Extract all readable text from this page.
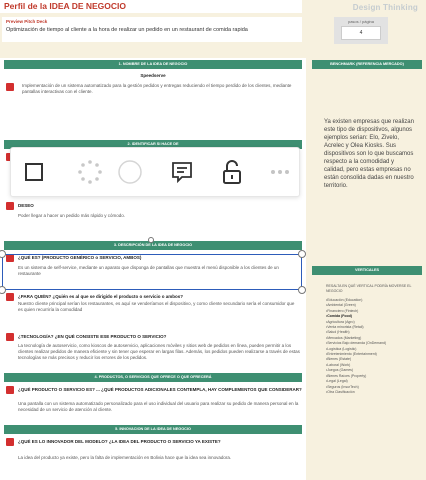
Perfil de la IDEA DE NEGOCIO	Design Thinking
Preview Pitch Deck
Optimización de tiempo al cliente a la hora de realizar un pedido en un restaurant de comida rapida
pasos / página
4
1. NOMBRE DE LA IDEA DE NEGOCIO
Speedserve
Implementación de un sistema automatizado para la gestión pedidos y entregas reduciendo el tiempo perdido de los clientes, mediante pantallas interactivas con el cliente.
2. IDENTIFICAR SI HACE DE
DESEO
Poder llegar a hacer un pedido más rápido y cómodo.
3. DESCRIPCIÓN DE LA IDEA DE NEGOCIO
¿QUÉ ES? (PRODUCTO GENÉRICO o SERVICIO, AMBOS)
Es un sistema de self-service, mediante un aparato que disponga de pantallas que muestra el menú disponible a los clientes de un restaurante
¿PARA QUIÉN? ¿Quién es al que se dirigido el producto o servicio o ambos?
Nuestro cliente principal serían los restaurantes, es aquí se venderíamos el dispositivo, y como cliente secundario sería el consumidor que es quien recurriría la comodidad
¿TECNOLOGÍA? ¿EN QUÉ CONSISTE ESE PRODUCTO O SERVICIO?
La tecnología de autoservicio, como kioscos de autoservicio, aplicaciones móviles y sitios web de pedidos en línea, pueden permitir a los clientes realizar pedidos de manera eficiente y sin tener que esperar en largas filas. Además, los pedidos pueden realizarse a través de estas tecnologías se más precisos y reducir los errores de los pedidos.
4. PRODUCTOS, O SERVICIOS QUE OFRECE O QUE OFRECERÁ
¿QUÉ PRODUCTO O SERVICIO ES? ... ¿QUÉ PRODUCTOS ADICIONALES CONTEMPLA, HAY COMPLEMENTOS QUE CONSIDERAR?
Una pantalla con un sistema automatizado personalizado para el uso individual del usuario para realizar su pedido de manera personal en la necesidad de un servicio de atención al cliente.
5. INNOVACION DE LA IDEA DE NEGOCIO
¿QUÉ ES LO INNOVADOR DEL MODELO? ¿LA IDEA DEL PRODUCTO O SERVICIO YA EXISTE?
La idea del producto ya existe, pero la falta de implementación en Bolivia hace que la idea sea innovadora.
BENCHMARK (REFERENCIA MERCADO)
Ya existen empresas que realizan este tipo de dispositivos, algunos ejemplos serian: Elo, Zivelo, Acrelec y Olea Kiosks. Sus dispositivos son lo que buscamos respecto a la comodidad y calidad, pero estas empresas no están consolida dadas en nuestro territorio.
VERTICALES
RESALTA EN QUÉ VERTICAL PODRÍA MOVERSE EL NEGOCIO
•Educación (Education)
•Ambiental (Green)
•Financiero (Fintech)
•Comida (Food)
•Agricultura (Agro)
•Venta minorista (Retail)
•Salud (Health)
•Mercados (Marketing)
•Servicios Bajo demanda (OnDemand)
•Logística (Logistic)
•Entretenimiento (Entertainment)
•Bienes (Estate)
•Laboral (Work)
•Juegos (Games)
•Bienes Raíces (Property)
•Legal (Legal)
•Seguros (InsurTech)
•Otra Clasificación
